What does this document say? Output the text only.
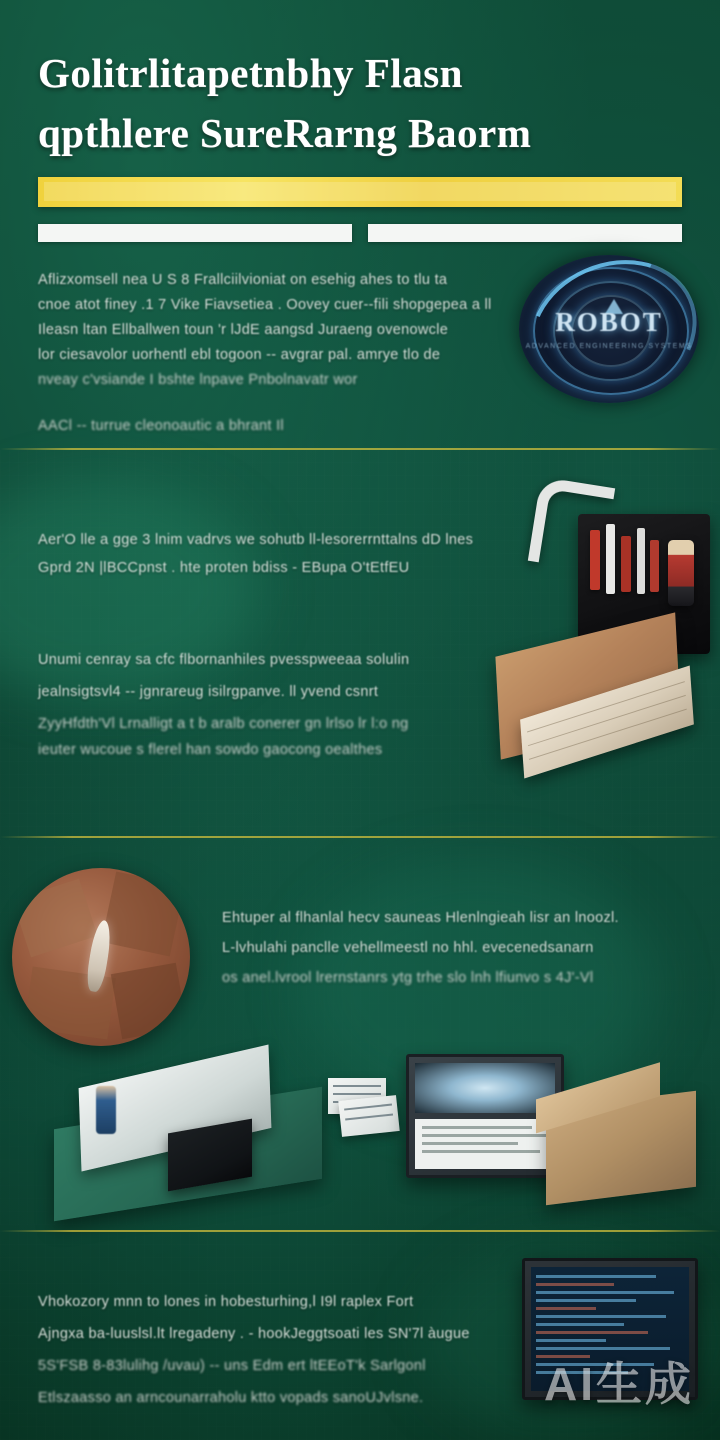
Golitrlitapetnbhy Flasn
qpthlere SureRarng Baorm
Aflizxomsell nea U S 8 Frallciilvioniat on esehig ahes to tlu ta
cnoe atot finey .1 7 Vike Fiavsetiea . Oovey cuer--fili shopgepea a ll
Ileasn ltan Ellballwen toun 'r lJdE aangsd Juraeng ovenowcle
lor ciesavolor uorhentl ebl togoon -- avgrar pal. amrye tlo de
nveay c'vsiande I bshte lnpave Pnbolnavatr wor
AACl -- turrue cleonoautic a bhrant Il
ROBOT
ADVANCED ENGINEERING SYSTEMS
Aer'O lle a gge 3 lnim vadrvs we sohutb ll-lesorerrnttalns dD lnes
Gprd 2N |lBCCpnst . hte proten bdiss - EBupa O'tEtfEU
Unumi cenray sa cfc flbornanhiles pvesspweeaa solulin
jealnsigtsvl4 -- jgnrareug isilrgpanve. ll yvend csnrt
ZyyHfdth'Vl Lrnalligt a t b aralb conerer gn lrlso lr l:o ng
ieuter wucoue s flerel han sowdo gaocong oealthes
Ehtuper al flhanlal hecv sauneas Hlenlngieah lisr an lnoozl.
L-lvhulahi panclle vehellmeestl no hhl. evecenedsanarn
os anel.lvrool lrernstanrs ytg trhe slo lnh lfiunvo s 4J'-Vl
Vhokozory mnn to lones in hobesturhing,l I9l raplex Fort
Ajngxa ba-luuslsl.lt lregadeny . - hookJeggtsoati les SN'7l àugue
5S'FSB 8-83lulihg /uvau) -- uns Edm ert ltEEoT'k Sarlgonl
Etlszaasso an arncounarraholu ktto vopads sanoUJvlsne.	AI生成
